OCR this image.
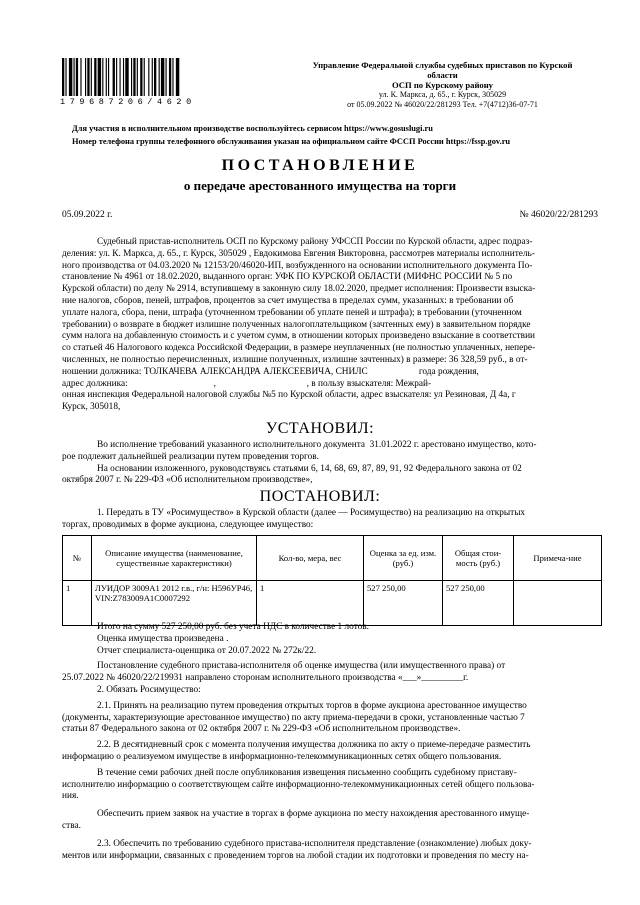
179687206/4620
Управление Федеральной службы судебных приставов по Курской области
ОСП по Курскому району
ул. К. Маркса, д. 65., г. Курск, 305029
от 05.09.2022 № 46020/22/281293 Тел. +7(4712)36-07-71
Для участия в исполнительном производстве воспользуйтесь сервисом https://www.gosuslugi.ru
Номер телефона группы телефонного обслуживания указан на официальном сайте ФССП России https://fssp.gov.ru
ПОСТАНОВЛЕНИЕ
о передаче арестованного имущества на торги
05.09.2022 г.	№ 46020/22/281293
Судебный пристав-исполнитель ОСП по Курскому району УФССП России по Курской области, адрес подраз-
деления: ул. К. Маркса, д. 65., г. Курск, 305029 , Евдокимова Евгения Викторовна, рассмотрев материалы исполнитель-
ного производства от 04.03.2020 № 12153/20/46020-ИП, возбужденного на основании исполнительного документа По-
становление № 4961 от 18.02.2020, выданного орган: УФК ПО КУРСКОЙ ОБЛАСТИ (МИФНС РОССИИ № 5 по
Курской области) по делу № 2914, вступившему в законную силу 18.02.2020, предмет исполнения: Произвести взыска-
ние налогов, сборов, пеней, штрафов, процентов за счет имущества в пределах сумм, указанных: в требовании об
уплате налога, сбора, пени, штрафа (уточненном требовании об уплате пеней и штрафа); в требовании (уточненном
требовании) о возврате в бюджет излишне полученных налогоплательщиком (зачтенных ему) в заявительном порядке
сумм налога на добавленную стоимость и с учетом сумм, в отношении которых произведено взыскание в соответствии
со статьей 46 Налогового кодекса Российской Федерации, в размере неуплаченных (не полностью уплаченных, непере-
численных, не полностью перечисленных, излишне полученных, излишне зачтенных) в размере: 36 328,59 руб., в от-
ношении должника: ТОЛКАЧЕВА АЛЕКСАНДРА АЛЕКСЕЕВИЧА, СНИЛС                      года рождения,
адрес должника:                                     ,                                       , в пользу взыскателя: Межрай-
онная инспекция Федеральной налоговой службы №5 по Курской области, адрес взыскателя: ул Резиновая, Д 4а, г
Курск, 305018,
УСТАНОВИЛ:
Во исполнение требований указанного исполнительного документа  31.01.2022 г. арестовано имущество, кото-
рое подлежит дальнейшей реализации путем проведения торгов.
На основании изложенного, руководствуясь статьями 6, 14, 68, 69, 87, 89, 91, 92 Федерального закона от 02
октября 2007 г. № 229-ФЗ «Об исполнительном производстве»,
ПОСТАНОВИЛ:
1. Передать в ТУ «Росимущество» в Курской области (далее — Росимущество) на реализацию на открытых
торгах, проводимых в форме аукциона, следующее имущество:
№	Описание имущества (наименование, существенные характеристики)	Кол-во, мера, вес	Оценка за ед. изм. (руб.)	Общая стои-мость (руб.)	Примеча-ние
1	ЛУИДОР 3009А1 2012 г.в., г/н: Н596УР46, VIN:Z783009A1C0007292	1	527 250,00	527 250,00	
Итого на сумму 527 250,00 руб. без учета НДС в количестве 1 лотов.
Оценка имущества произведена .
Отчет специалиста-оценщика от 20.07.2022 № 272к/22.
Постановление судебного пристава-исполнителя об оценке имущества (или имущественного права) от
25.07.2022 № 46020/22/219931 направлено сторонам исполнительного производства «___»_________г.
2. Обязать Росимущество:
2.1. Принять на реализацию путем проведения открытых торгов в форме аукциона арестованное имущество
(документы, характеризующие арестованное имущество) по акту приема-передачи в сроки, установленные частью 7
статьи 87 Федерального закона от 02 октября 2007 г. № 229-ФЗ «Об исполнительном производстве».
2.2. В десятидневный срок с момента получения имущества должника по акту о приеме-передаче разместить
информацию о реализуемом имуществе в информационно-телекоммуникационных сетях общего пользования.
В течение семи рабочих дней после опубликования извещения письменно сообщить судебному приставу-
исполнителю информацию о соответствующем сайте информационно-телекоммуникационных сетей общего пользова-
ния.
Обеспечить прием заявок на участие в торгах в форме аукциона по месту нахождения арестованного имуще-
ства.
2.3. Обеспечить по требованию судебного пристава-исполнителя представление (ознакомление) любых доку-
ментов или информации, связанных с проведением торгов на любой стадии их подготовки и проведения по месту на-
